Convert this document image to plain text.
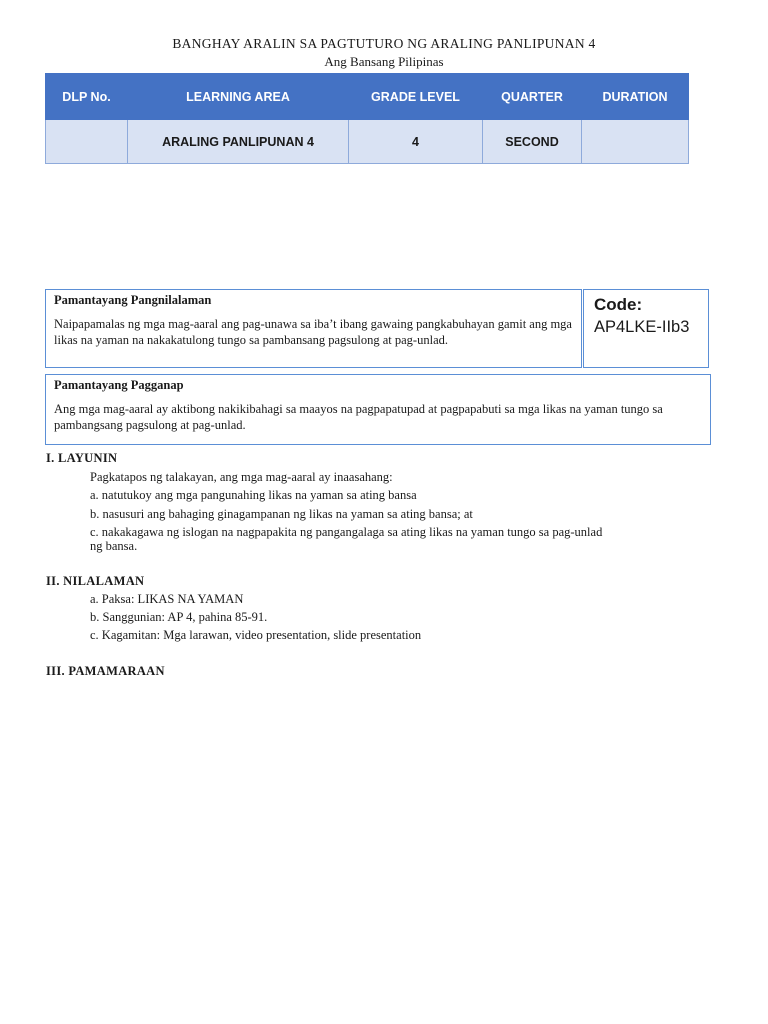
BANGHAY ARALIN SA PAGTUTURO NG ARALING PANLIPUNAN 4
Ang Bansang Pilipinas
DLP No.	LEARNING AREA	GRADE LEVEL	QUARTER	DURATION
	ARALING PANLIPUNAN 4	4	SECOND	
Pamantayang Pangnilalaman
Naipapamalas ng mga mag-aaral ang pag-unawa sa iba’t ibang gawaing pangkabuhayan gamit ang mga likas na yaman na nakakatulong tungo sa pambansang pagsulong at pag-unlad.
Code:
AP4LKE-IIb3
Pamantayang Pagganap
Ang mga mag-aaral ay aktibong nakikibahagi sa maayos na pagpapatupad at pagpapabuti sa mga likas na yaman tungo sa pambangsang pagsulong at pag-unlad.
I. LAYUNIN
Pagkatapos ng talakayan, ang mga mag-aaral ay inaasahang:
a. natutukoy ang mga pangunahing likas na yaman sa ating bansa
b. nasusuri ang bahaging ginagampanan ng likas na yaman sa ating bansa; at
c. nakakagawa ng islogan na nagpapakita ng pangangalaga sa ating likas na yaman tungo sa pag-unlad
ng bansa.
II. NILALAMAN
a. Paksa: LIKAS NA YAMAN
b. Sanggunian: AP 4, pahina 85-91.
c. Kagamitan: Mga larawan, video presentation, slide presentation
III. PAMAMARAAN
